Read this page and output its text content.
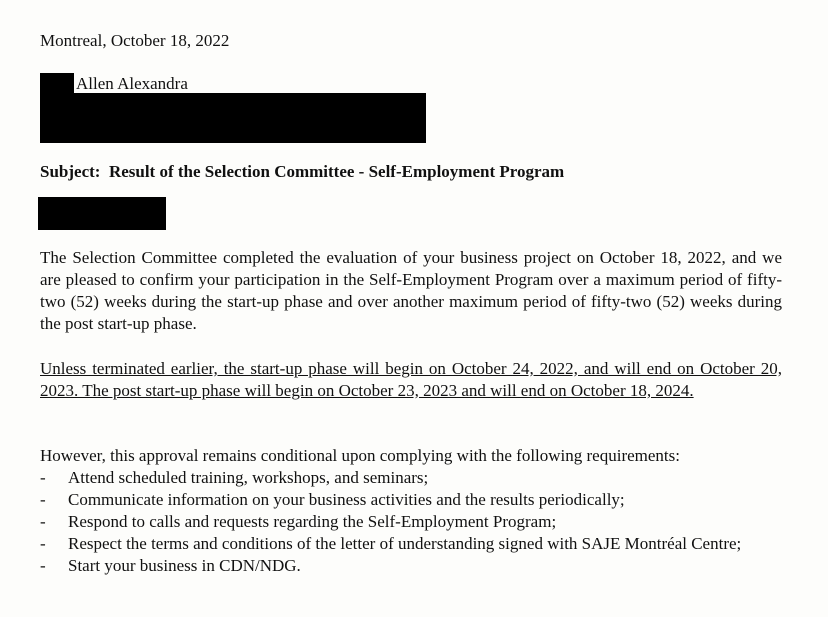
Montreal, October 18, 2022
Allen Alexandra
Subject:  Result of the Selection Committee - Self-Employment Program
The Selection Committee completed the evaluation of your business project on October 18, 2022, and we are pleased to confirm your participation in the Self-Employment Program over a maximum period of fifty-two (52) weeks during the start-up phase and over another maximum period of fifty-two (52) weeks during the post start-up phase.
Unless terminated earlier, the start-up phase will begin on October 24, 2022, and will end on October 20, 2023. The post start-up phase will begin on October 23, 2023 and will end on October 18, 2024.
However, this approval remains conditional upon complying with the following requirements:
- Attend scheduled training, workshops, and seminars;
- Communicate information on your business activities and the results periodically;
- Respond to calls and requests regarding the Self-Employment Program;
- Respect the terms and conditions of the letter of understanding signed with SAJE Montréal Centre;
- Start your business in CDN/NDG.
